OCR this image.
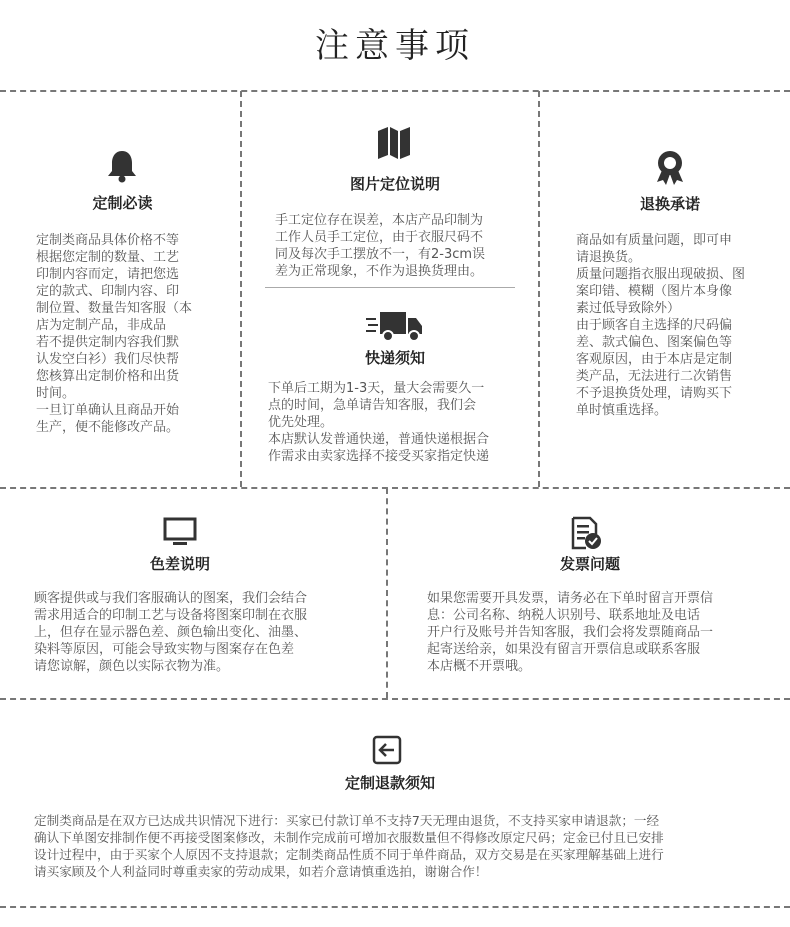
注意事项
定制必读
定制类商品具体价格不等
根据您定制的数量、工艺
印制内容而定，请把您选
定的款式、印制内容、印
制位置、数量告知客服（本
店为定制产品，非成品
若不提供定制内容我们默
认发空白衫）我们尽快帮
您核算出定制价格和出货
时间。
一旦订单确认且商品开始
生产，便不能修改产品。
图片定位说明
手工定位存在误差，本店产品印制为
工作人员手工定位，由于衣服尺码不
同及每次手工摆放不一，有2-3cm误
差为正常现象，不作为退换货理由。
快递须知
下单后工期为1-3天，量大会需要久一
点的时间，急单请告知客服，我们会
优先处理。
本店默认发普通快递，普通快递根据合
作需求由卖家选择不接受买家指定快递
退换承诺
商品如有质量问题，即可申
请退换货。
质量问题指衣服出现破损、图
案印错、模糊（图片本身像
素过低导致除外）
由于顾客自主选择的尺码偏
差、款式偏色、图案偏色等
客观原因，由于本店是定制
类产品，无法进行二次销售
不予退换货处理，请购买下
单时慎重选择。
色差说明
顾客提供或与我们客服确认的图案，我们会结合
需求用适合的印制工艺与设备将图案印制在衣服
上，但存在显示器色差、颜色输出变化、油墨、
染料等原因，可能会导致实物与图案存在色差
请您谅解，颜色以实际衣物为准。
发票问题
如果您需要开具发票，请务必在下单时留言开票信
息：公司名称、纳税人识别号、联系地址及电话
开户行及账号并告知客服，我们会将发票随商品一
起寄送给亲，如果没有留言开票信息或联系客服
本店概不开票哦。
定制退款须知
定制类商品是在双方已达成共识情况下进行：买家已付款订单不支持7天无理由退货，不支持买家申请退款；一经
确认下单图安排制作便不再接受图案修改，未制作完成前可增加衣服数量但不得修改原定尺码；定金已付且已安排
设计过程中，由于买家个人原因不支持退款；定制类商品性质不同于单件商品，双方交易是在买家理解基础上进行
请买家顾及个人利益同时尊重卖家的劳动成果，如若介意请慎重选拍，谢谢合作！
